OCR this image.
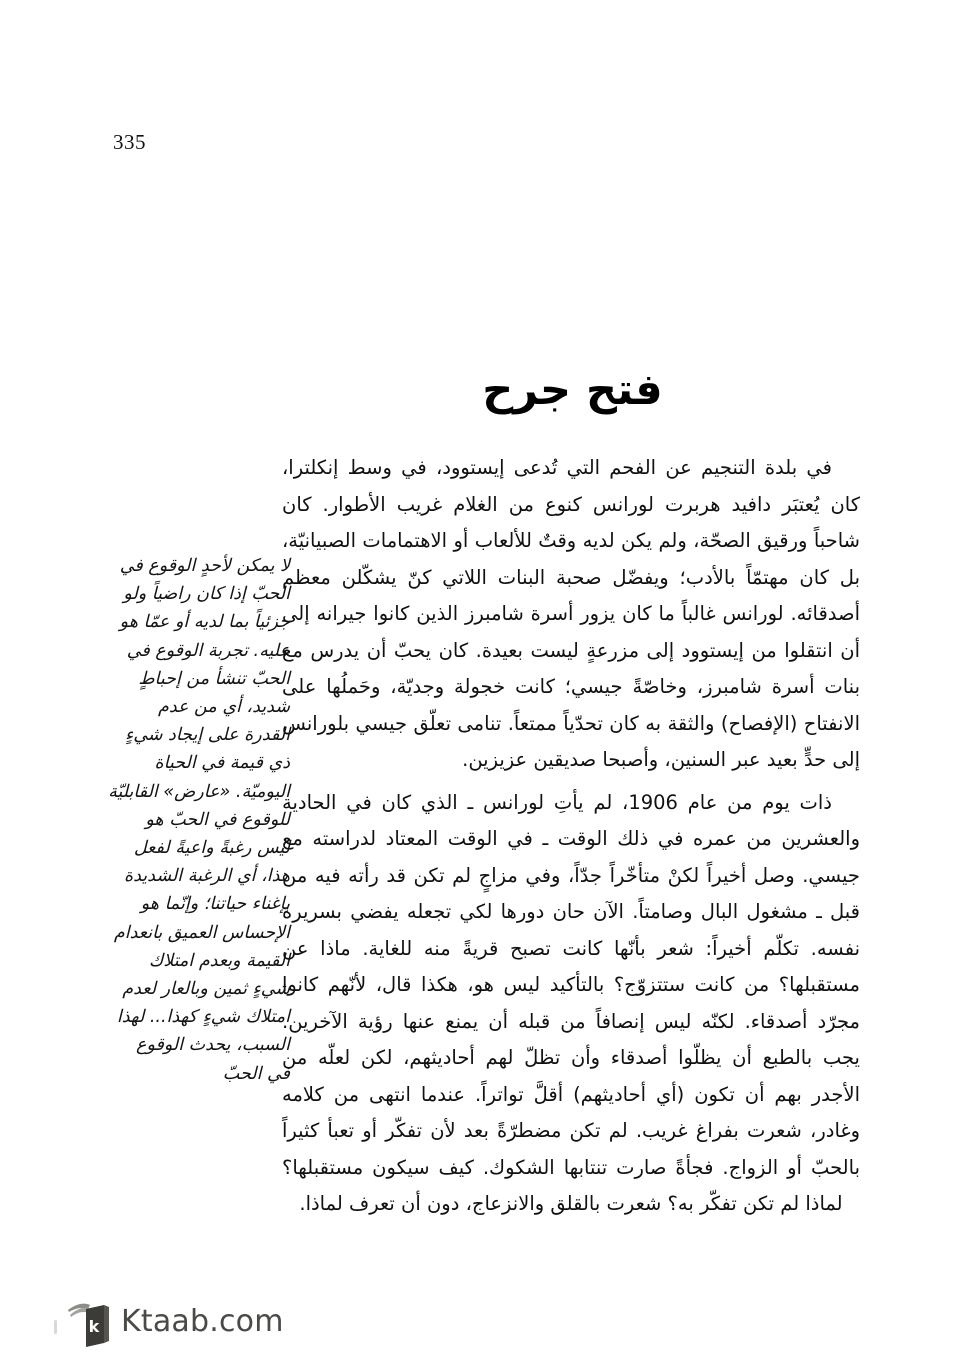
335
فتح جرح

في بلدة التنجيم عن الفحم التي تُدعى إيستوود، في وسط إنكلترا، كان يُعتبَر دافيد هربرت لورانس كنوع من الغلام غريب الأطوار. كان شاحباً ورقيق الصحّة، ولم يكن لديه وقتٌ للألعاب أو الاهتمامات الصبيانيّة، بل كان مهتمّاً بالأدب؛ ويفضّل صحبة البنات اللاتي كنّ يشكّلن معظم أصدقائه. لورانس غالباً ما كان يزور أسرة شامبرز الذين كانوا جيرانه إلى أن انتقلوا من إيستوود إلى مزرعةٍ ليست بعيدة. كان يحبّ أن يدرس مع بنات أسرة شامبرز، وخاصّةً جيسي؛ كانت خجولة وجديّة، وحَملُها على الانفتاح (الإفصاح) والثقة به كان تحدّياً ممتعاً. تنامى تعلّق جيسي بلورانس إلى حدٍّ بعيد عبر السنين، وأصبحا صديقين عزيزين.

ذات يوم من عام 1906، لم يأتِ لورانس ـ الذي كان في الحادية والعشرين من عمره في ذلك الوقت ـ في الوقت المعتاد لدراسته مع جيسي. وصل أخيراً لكنْ متأخّراً جدّاً، وفي مزاجٍ لم تكن قد رأته فيه من قبل ـ مشغول البال وصامتاً. الآن حان دورها لكي تجعله يفضي بسريرة نفسه. تكلّم أخيراً: شعر بأنّها كانت تصبح قريةً منه للغاية. ماذا عن مستقبلها؟ من كانت ستتزوّج؟ بالتأكيد ليس هو، هكذا قال، لأنّهم كانوا مجرّد أصدقاء. لكنّه ليس إنصافاً من قبله أن يمنع عنها رؤية الآخرين. يجب بالطبع أن يظلّوا أصدقاء وأن تظلّ لهم أحاديثهم، لكن لعلّه من الأجدر بهم أن تكون (أي أحاديثهم) أقلَّ تواتراً. عندما انتهى من كلامه وغادر، شعرت بفراغ غريب. لم تكن مضطرّةً بعد لأن تفكّر أو تعبأ كثيراً بالحبّ أو الزواج. فجأةً صارت تنتابها الشكوك. كيف سيكون مستقبلها؟ لماذا لم تكن تفكّر به؟ شعرت بالقلق والانزعاج، دون أن تعرف لماذا.

لا يمكن لأحدٍ الوقوع في الحبّ إذا كان راضياً ولو جزئياً بما لديه أو عمّا هو عليه. تجربة الوقوع في الحبّ تنشأ من إحباطٍ شديد، أي من عدم القدرة على إيجاد شيءٍ ذي قيمة في الحياة اليوميّة. «عارض» القابليّة للوقوع في الحبّ هو ليس رغبةً واعيةً لفعل هذا، أي الرغبة الشديدة بإغناء حياتنا؛ وإنّما هو الإحساس العميق بانعدام القيمة وبعدم امتلاك شيءٍ ثمين وبالعار لعدم امتلاك شيءٍ كهذا... لهذا السبب، يحدث الوقوع في الحبّ

k Ktaab.com
